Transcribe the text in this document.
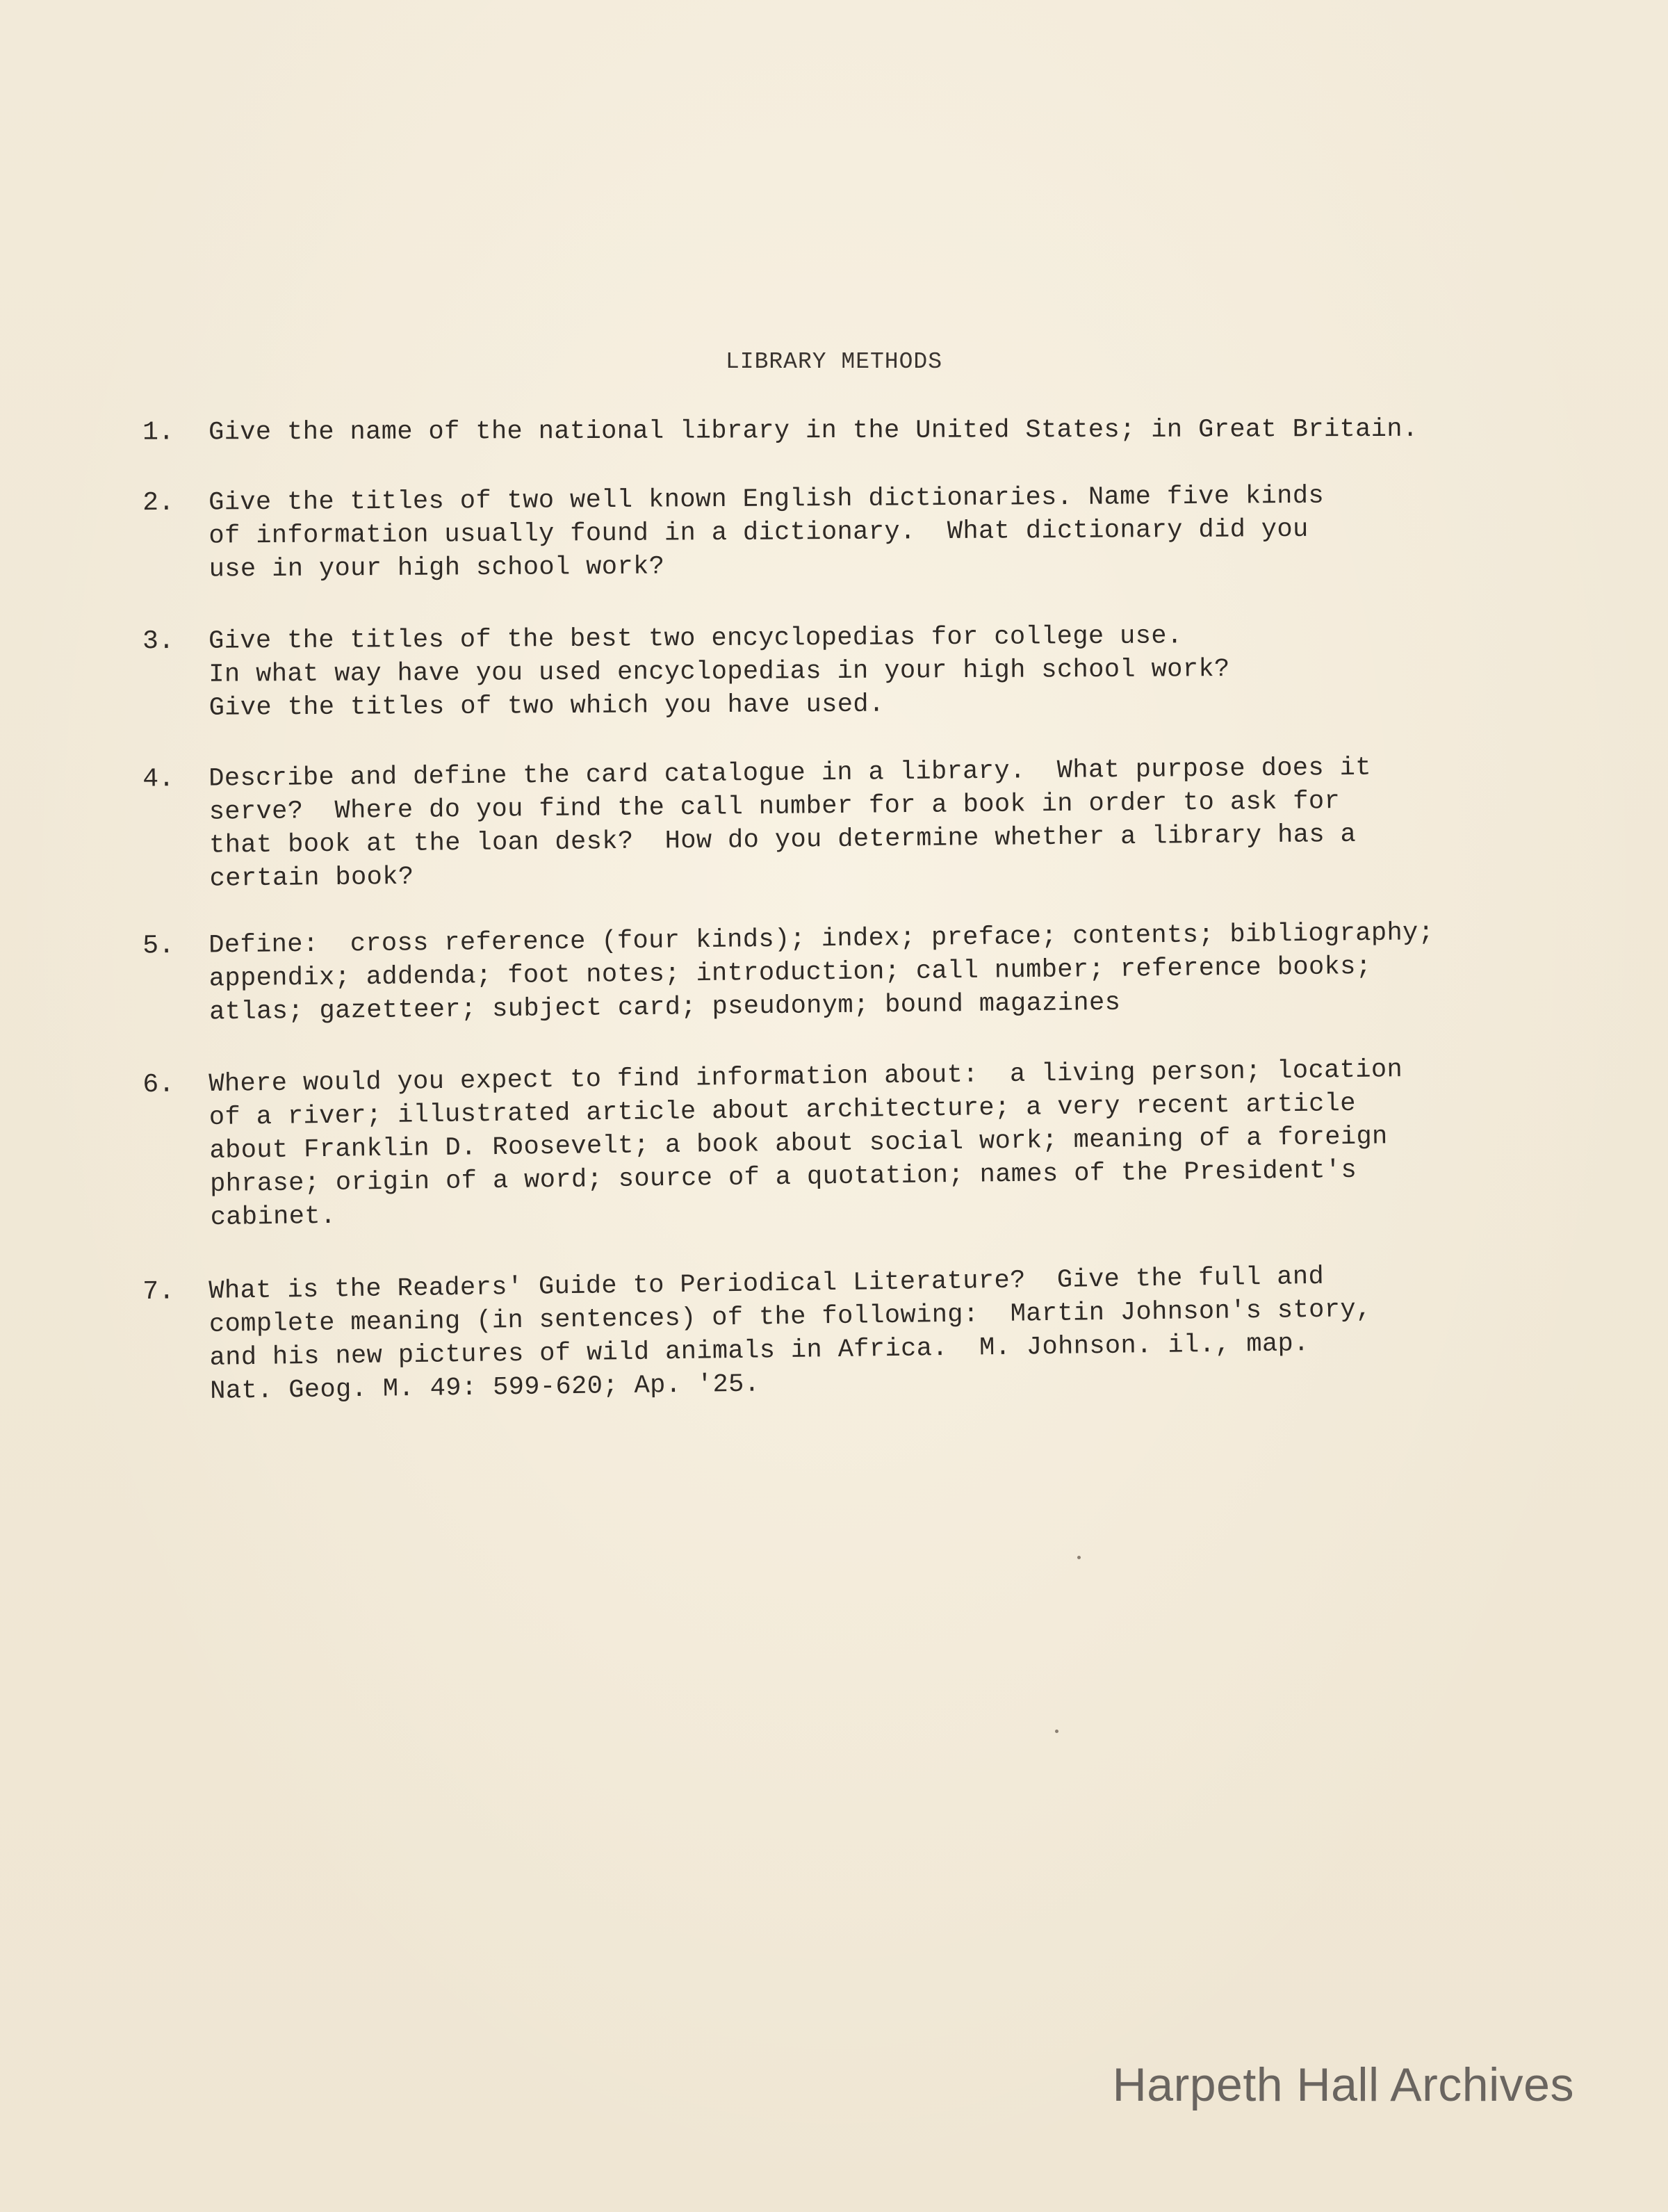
LIBRARY METHODS
1.	Give the name of the national library in the United States; in Great Britain.
2.	Give the titles of two well known English dictionaries. Name five kinds
of information usually found in a dictionary.  What dictionary did you
use in your high school work?
3.	Give the titles of the best two encyclopedias for college use.
In what way have you used encyclopedias in your high school work?
Give the titles of two which you have used.
4.	Describe and define the card catalogue in a library.  What purpose does it
serve?  Where do you find the call number for a book in order to ask for
that book at the loan desk?  How do you determine whether a library has a
certain book?
5.	Define:  cross reference (four kinds); index; preface; contents; bibliography;
appendix; addenda; foot notes; introduction; call number; reference books;
atlas; gazetteer; subject card; pseudonym; bound magazines
6.	Where would you expect to find information about:  a living person; location
of a river; illustrated article about architecture; a very recent article
about Franklin D. Roosevelt; a book about social work; meaning of a foreign
phrase; origin of a word; source of a quotation; names of the President's
cabinet.
7.	What is the Readers' Guide to Periodical Literature?  Give the full and
complete meaning (in sentences) of the following:  Martin Johnson's story,
and his new pictures of wild animals in Africa.  M. Johnson. il., map.
Nat. Geog. M. 49: 599-620; Ap. '25.
Harpeth Hall Archives
